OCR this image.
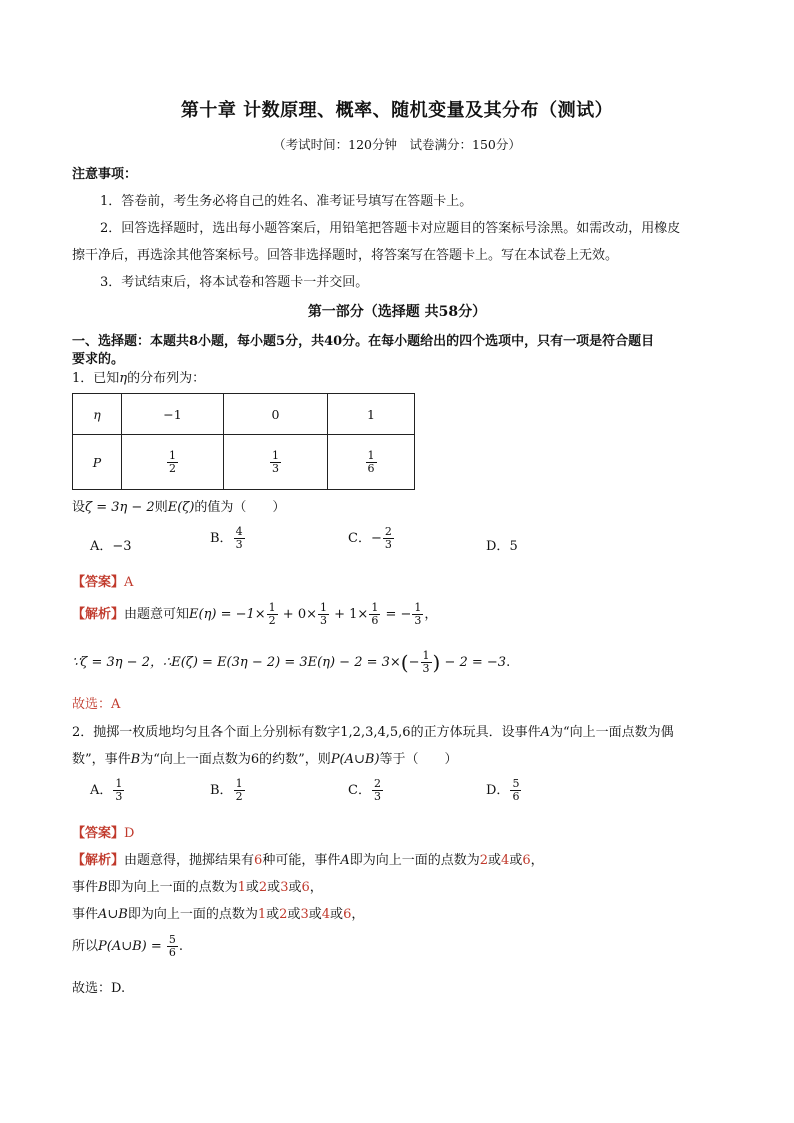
第十章 计数原理、概率、随机变量及其分布（测试）
（考试时间：120分钟　试卷满分：150分）
注意事项：
1．答卷前，考生务必将自己的姓名、准考证号填写在答题卡上。
2．回答选择题时，选出每小题答案后，用铅笔把答题卡对应题目的答案标号涂黑。如需改动，用橡皮
擦干净后，再选涂其他答案标号。回答非选择题时，将答案写在答题卡上。写在本试卷上无效。
3．考试结束后，将本试卷和答题卡一并交回。
第一部分（选择题 共58分）
一、选择题：本题共8小题，每小题5分，共40分。在每小题给出的四个选项中，只有一项是符合题目
要求的。
1．已知η的分布列为：
η	−1	0	1
P	$\frac{1}{2}$	$\frac{1}{3}$	$\frac{1}{6}$
设ζ = 3η − 2则E(ζ)的值为（　　）
A．−3
B． $\frac{4}{3}$	C．− $\frac{2}{3}$	D．5
【答案】A
【解析】由题意可知$E(\eta) = -1\times \frac{1}{2} + 0\times \frac{1}{3} + 1\times \frac{1}{6}$ = − $\frac{1}{3}$ ，
∵ζ = 3η − 2，∴E(ζ) = $E(3\eta - 2) = 3E(\eta) - 2 = 3\times(- \frac{1}{3}$ ) − 2 = −3.
故选：A
2．抛掷一枚质地均匀且各个面上分别标有数字1,2,3,4,5,6的正方体玩具．设事件A为“向上一面点数为偶
数”，事件B为“向上一面点数为6的约数”，则P(A∪B)等于（　　）
A． $\frac{1}{3}$	B． $\frac{1}{2}$	C． $\frac{2}{3}$	D． $\frac{5}{6}$
【答案】D
【解析】由题意得，抛掷结果有6种可能，事件A即为向上一面的点数为2或4或6，
事件B即为向上一面的点数为1或2或3或6，
事件A∪B即为向上一面的点数为1或2或3或4或6，
所以P(A∪B) = $\frac{5}{6}$ .
故选：D.
